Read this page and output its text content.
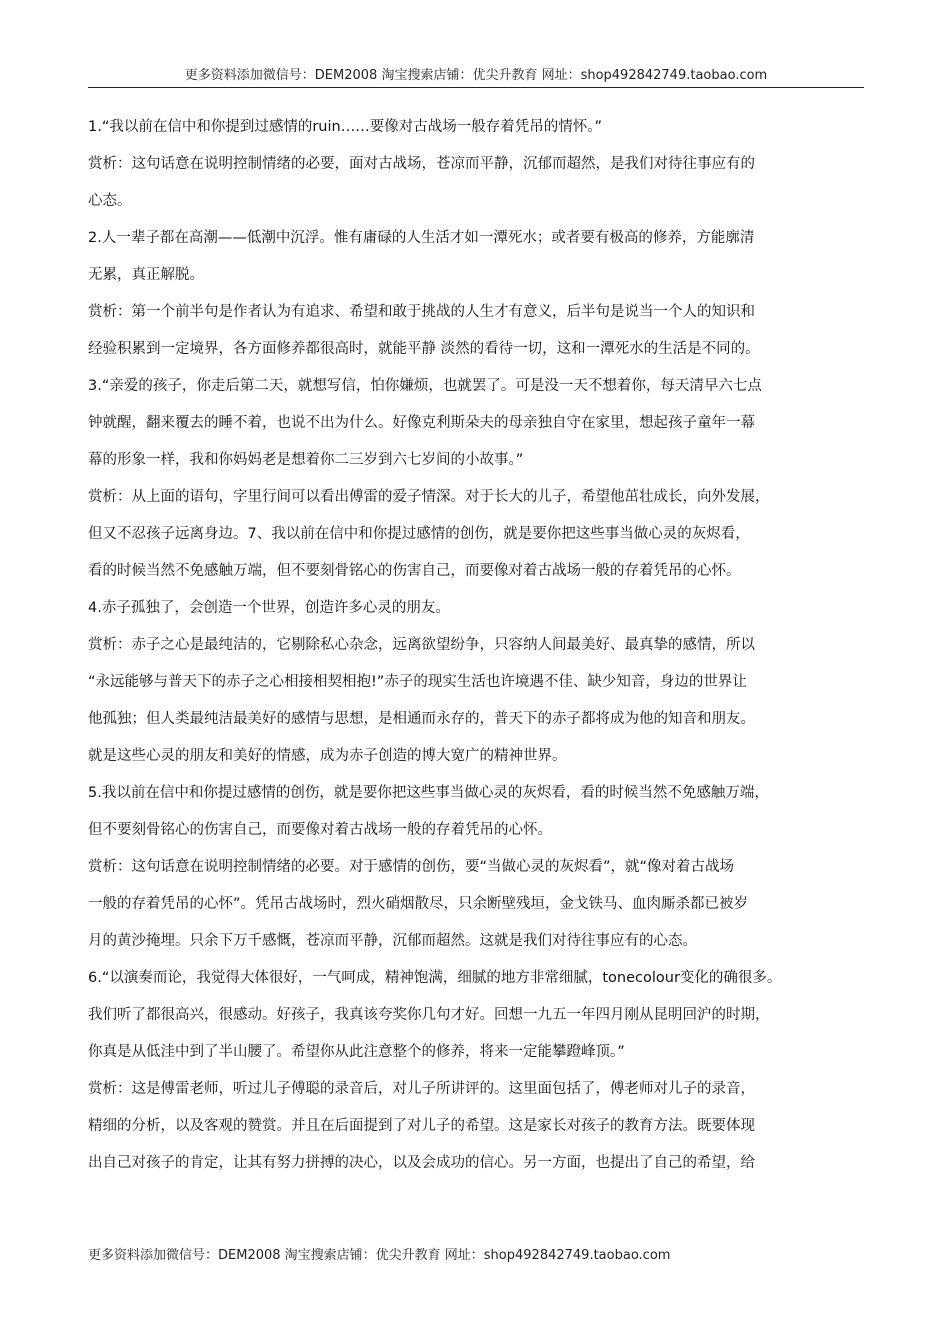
更多资料添加微信号：DEM2008 淘宝搜索店铺：优尖升教育 网址：shop492842749.taobao.com

1.“我以前在信中和你提到过感情的ruin……要像对古战场一般存着凭吊的情怀。”

赏析：这句话意在说明控制情绪的必要，面对古战场，苍凉而平静，沉郁而超然，是我们对待往事应有的

心态。

2.人一辈子都在高潮——低潮中沉浮。惟有庸碌的人生活才如一潭死水；或者要有极高的修养，方能廓清

无累，真正解脱。

赏析：第一个前半句是作者认为有追求、希望和敢于挑战的人生才有意义，后半句是说当一个人的知识和

经验积累到一定境界，各方面修养都很高时，就能平静 淡然的看待一切，这和一潭死水的生活是不同的。

3.“亲爱的孩子，你走后第二天，就想写信，怕你嫌烦，也就罢了。可是没一天不想着你，每天清早六七点

钟就醒，翻来覆去的睡不着，也说不出为什么。好像克利斯朵夫的母亲独自守在家里，想起孩子童年一幕

幕的形象一样，我和你妈妈老是想着你二三岁到六七岁间的小故事。”

赏析：从上面的语句，字里行间可以看出傅雷的爱子情深。对于长大的儿子，希望他茁壮成长，向外发展，

但又不忍孩子远离身边。7、我以前在信中和你提过感情的创伤，就是要你把这些事当做心灵的灰烬看，

看的时候当然不免感触万端，但不要刻骨铭心的伤害自己，而要像对着古战场一般的存着凭吊的心怀。

4.赤子孤独了，会创造一个世界，创造许多心灵的朋友。

赏析：赤子之心是最纯洁的，它剔除私心杂念，远离欲望纷争，只容纳人间最美好、最真挚的感情，所以

“永远能够与普天下的赤子之心相接相契相抱!”赤子的现实生活也许境遇不佳、缺少知音，身边的世界让

他孤独；但人类最纯洁最美好的感情与思想，是相通而永存的，普天下的赤子都将成为他的知音和朋友。

就是这些心灵的朋友和美好的情感，成为赤子创造的博大宽广的精神世界。

5.我以前在信中和你提过感情的创伤，就是要你把这些事当做心灵的灰烬看，看的时候当然不免感触万端，

但不要刻骨铭心的伤害自己，而要像对着古战场一般的存着凭吊的心怀。

赏析：这句话意在说明控制情绪的必要。对于感情的创伤，要“当做心灵的灰烬看”，就“像对着古战场

一般的存着凭吊的心怀”。凭吊古战场时，烈火硝烟散尽，只余断壁残垣，金戈铁马、血肉厮杀都已被岁

月的黄沙掩埋。只余下万千感慨，苍凉而平静，沉郁而超然。这就是我们对待往事应有的心态。

6.“以演奏而论，我觉得大体很好，一气呵成，精神饱满，细腻的地方非常细腻，tonecolour变化的确很多。

我们听了都很高兴，很感动。好孩子，我真该夸奖你几句才好。回想一九五一年四月刚从昆明回沪的时期，

你真是从低洼中到了半山腰了。希望你从此注意整个的修养，将来一定能攀蹬峰顶。”

赏析：这是傅雷老师，听过儿子傅聪的录音后，对儿子所讲评的。这里面包括了，傅老师对儿子的录音，

精细的分析，以及客观的赞赏。并且在后面提到了对儿子的希望。这是家长对孩子的教育方法。既要体现

出自己对孩子的肯定，让其有努力拼搏的决心，以及会成功的信心。另一方面，也提出了自己的希望，给

更多资料添加微信号：DEM2008 淘宝搜索店铺：优尖升教育 网址：shop492842749.taobao.com
